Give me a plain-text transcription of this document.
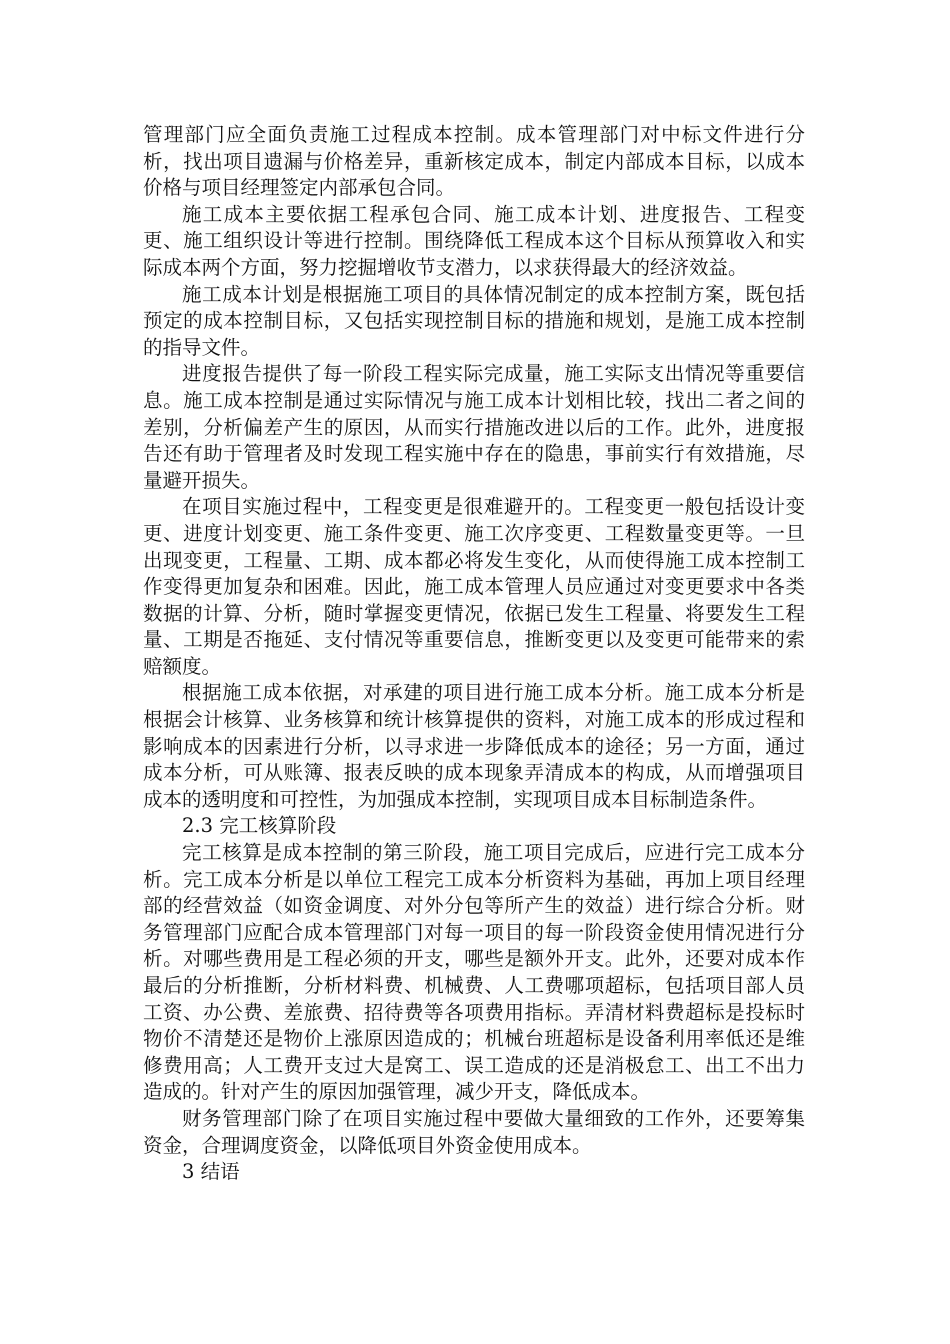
管理部门应全面负责施工过程成本控制。成本管理部门对中标文件进行分析，找出项目遗漏与价格差异，重新核定成本，制定内部成本目标，以成本价格与项目经理签定内部承包合同。

施工成本主要依据工程承包合同、施工成本计划、进度报告、工程变更、施工组织设计等进行控制。围绕降低工程成本这个目标从预算收入和实际成本两个方面，努力挖掘增收节支潜力，以求获得最大的经济效益。

施工成本计划是根据施工项目的具体情况制定的成本控制方案，既包括预定的成本控制目标，又包括实现控制目标的措施和规划，是施工成本控制的指导文件。

进度报告提供了每一阶段工程实际完成量，施工实际支出情况等重要信息。施工成本控制是通过实际情况与施工成本计划相比较，找出二者之间的差别，分析偏差产生的原因，从而实行措施改进以后的工作。此外，进度报告还有助于管理者及时发现工程实施中存在的隐患，事前实行有效措施，尽量避开损失。

在项目实施过程中，工程变更是很难避开的。工程变更一般包括设计变更、进度计划变更、施工条件变更、施工次序变更、工程数量变更等。一旦出现变更，工程量、工期、成本都必将发生变化，从而使得施工成本控制工作变得更加复杂和困难。因此，施工成本管理人员应通过对变更要求中各类数据的计算、分析，随时掌握变更情况，依据已发生工程量、将要发生工程量、工期是否拖延、支付情况等重要信息，推断变更以及变更可能带来的索赔额度。

根据施工成本依据，对承建的项目进行施工成本分析。施工成本分析是根据会计核算、业务核算和统计核算提供的资料，对施工成本的形成过程和影响成本的因素进行分析，以寻求进一步降低成本的途径；另一方面，通过成本分析，可从账簿、报表反映的成本现象弄清成本的构成，从而增强项目成本的透明度和可控性，为加强成本控制，实现项目成本目标制造条件。

2.3 完工核算阶段

完工核算是成本控制的第三阶段，施工项目完成后，应进行完工成本分析。完工成本分析是以单位工程完工成本分析资料为基础，再加上项目经理部的经营效益（如资金调度、对外分包等所产生的效益）进行综合分析。财务管理部门应配合成本管理部门对每一项目的每一阶段资金使用情况进行分析。对哪些费用是工程必须的开支，哪些是额外开支。此外，还要对成本作最后的分析推断，分析材料费、机械费、人工费哪项超标，包括项目部人员工资、办公费、差旅费、招待费等各项费用指标。弄清材料费超标是投标时物价不清楚还是物价上涨原因造成的；机械台班超标是设备利用率低还是维修费用高；人工费开支过大是窝工、误工造成的还是消极怠工、出工不出力造成的。针对产生的原因加强管理，减少开支，降低成本。

财务管理部门除了在项目实施过程中要做大量细致的工作外，还要筹集资金，合理调度资金，以降低项目外资金使用成本。

3 结语
